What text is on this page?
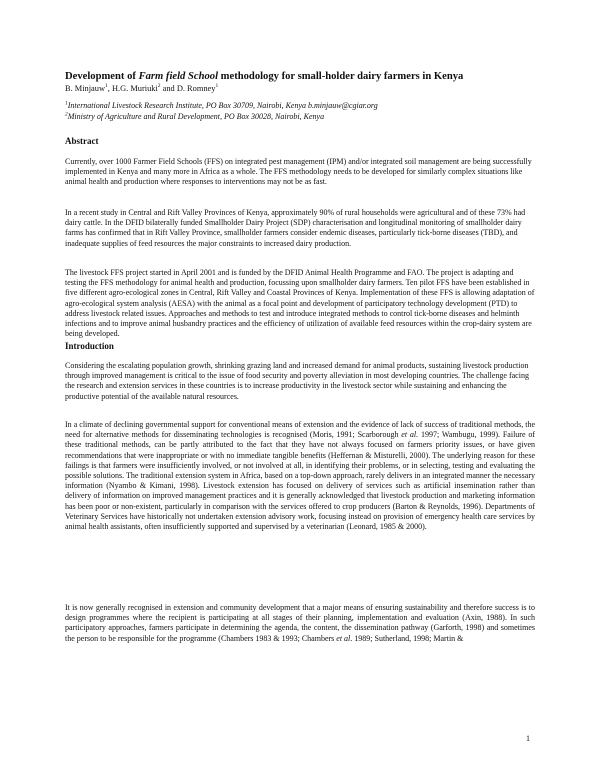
Development of Farm field School methodology for small-holder dairy farmers in Kenya
B. Minjauw$^1$, H.G. Muriuki$^2$ and D. Romney$^1$
$^1$International Livestock Research Institute, PO Box 30709, Nairobi, Kenya b.minjauw@cgiar.org
$^2$Ministry of Agriculture and Rural Development, PO Box 30028, Nairobi, Kenya
Abstract

Currently, over 1000 Farmer Field Schools (FFS) on integrated pest management (IPM) and/or integrated soil management are being successfully implemented in Kenya and many more in Africa as a whole. The FFS methodology needs to be developed for similarly complex situations like animal health and production where responses to interventions may not be as fast.

In a recent study in Central and Rift Valley Provinces of Kenya, approximately 90% of rural households were agricultural and of these 73% had dairy cattle. In the DFID bilaterally funded Smallholder Dairy Project (SDP) characterisation and longitudinal monitoring of smallholder dairy farms has confirmed that in Rift Valley Province, smallholder farmers consider endemic diseases, particularly tick-borne diseases (TBD), and inadequate supplies of feed resources the major constraints to increased dairy production.

The livestock FFS project started in April 2001 and is funded by the DFID Animal Health Programme and FAO. The project is adapting and testing the FFS methodology for animal health and production, focussing upon smallholder dairy farmers. Ten pilot FFS have been established in five different agro-ecological zones in Central, Rift Valley and Coastal Provinces of Kenya. Implementation of these FFS is allowing adaptation of agro-ecological system analysis (AESA) with the animal as a focal point and development of participatory technology development (PTD) to address livestock related issues. Approaches and methods to test and introduce integrated methods to control tick-borne diseases and helminth infections and to improve animal husbandry practices and the efficiency of utilization of available feed resources within the crop-dairy system are being developed.

Introduction

Considering the escalating population growth, shrinking grazing land and increased demand for animal products, sustaining livestock production through improved management is critical to the issue of food security and poverty alleviation in most developing countries. The challenge facing the research and extension services in these countries is to increase productivity in the livestock sector while sustaining and enhancing the productive potential of the available natural resources.

In a climate of declining governmental support for conventional means of extension and the evidence of lack of success of traditional methods, the need for alternative methods for disseminating technologies is recognised (Moris, 1991; Scarborough et al. 1997; Wambugu, 1999). Failure of these traditional methods, can be partly attributed to the fact that they have not always focused on farmers priority issues, or have given recommendations that were inappropriate or with no immediate tangible benefits (Heffernan & Misturelli, 2000). The underlying reason for these failings is that farmers were insufficiently involved, or not involved at all, in identifying their problems, or in selecting, testing and evaluating the possible solutions. The traditional extension system in Africa, based on a top-down approach, rarely delivers in an integrated manner the necessary information (Nyambo & Kimani, 1998). Livestock extension has focused on delivery of services such as artificial insemination rather than delivery of information on improved management practices and it is generally acknowledged that livestock production and marketing information has been poor or non-existent, particularly in comparison with the services offered to crop producers (Barton & Reynolds, 1996). Departments of Veterinary Services have historically not undertaken extension advisory work, focusing instead on provision of emergency health care services by animal health assistants, often insufficiently supported and supervised by a veterinarian (Leonard, 1985 & 2000).

It is now generally recognised in extension and community development that a major means of ensuring sustainability and therefore success is to design programmes where the recipient is participating at all stages of their planning, implementation and evaluation (Axin, 1988). In such participatory approaches, farmers participate in determining the agenda, the content, the dissemination pathway (Garforth, 1998) and sometimes the person to be responsible for the programme (Chambers 1983 & 1993; Chambers et al. 1989; Sutherland, 1998; Martin &

1
